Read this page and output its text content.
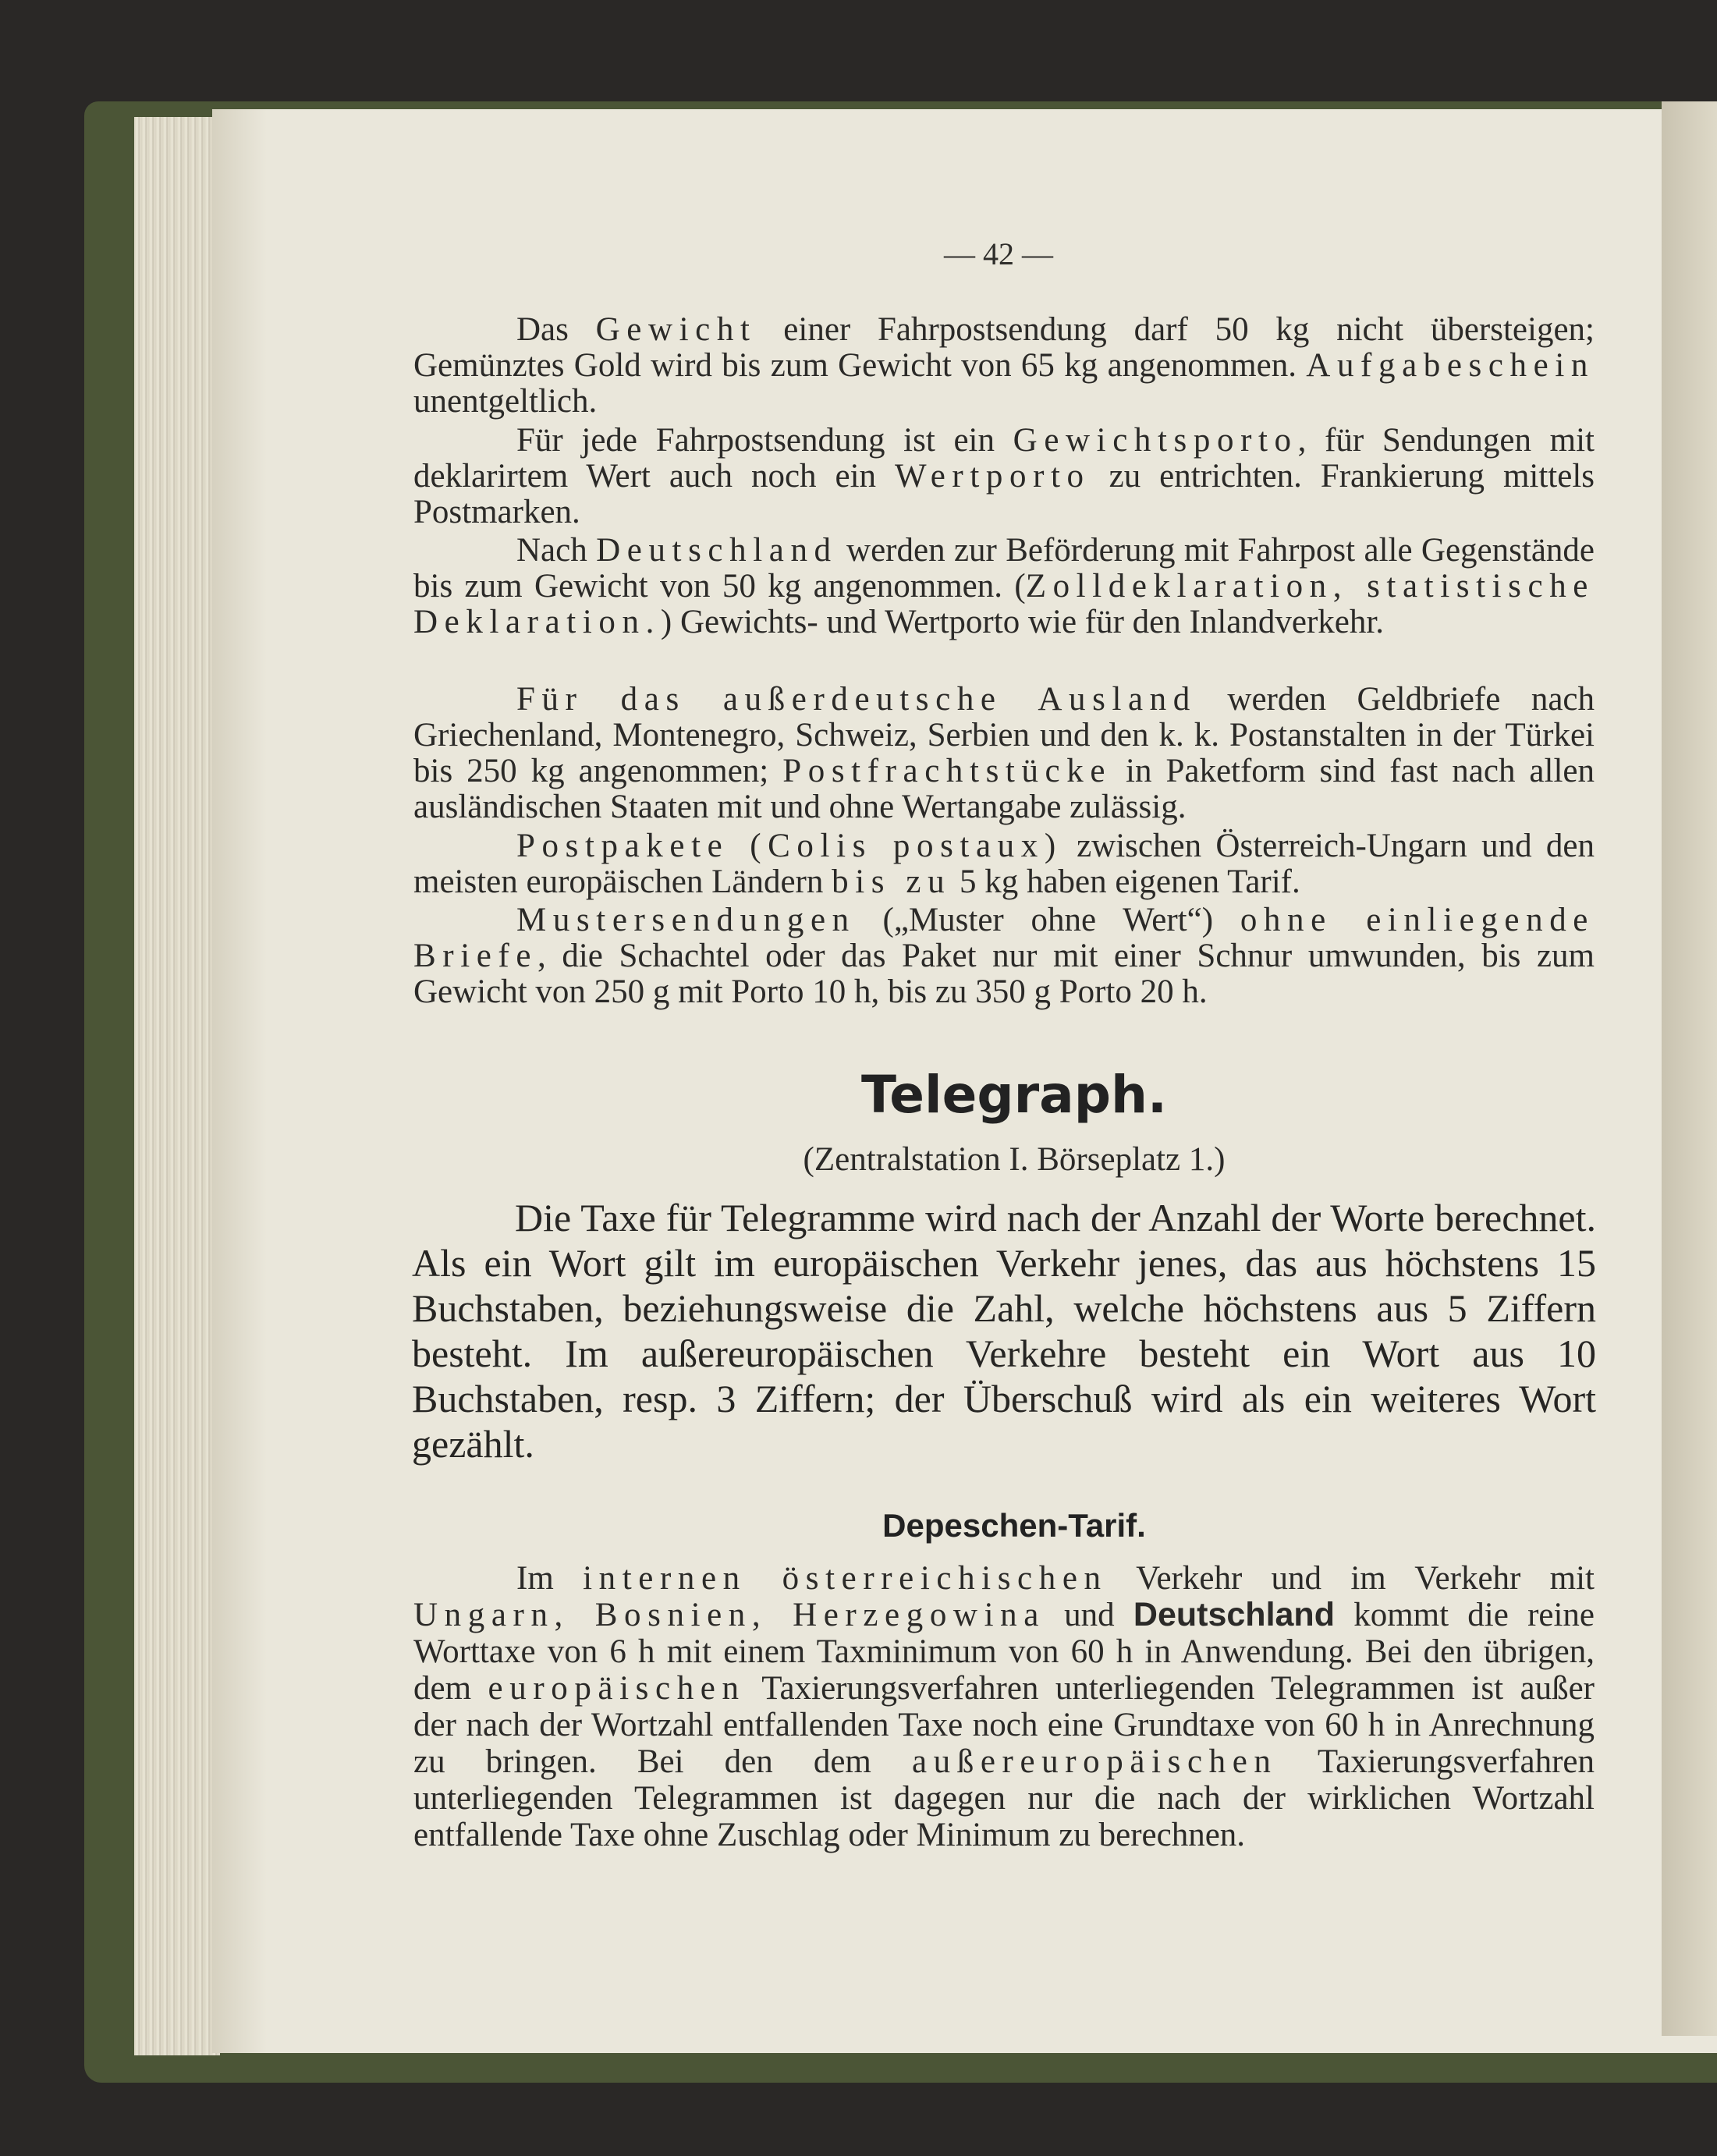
— 42 —

Das Gewicht einer Fahrpostsendung darf 50 kg nicht übersteigen; Gemünztes Gold wird bis zum Gewicht von 65 kg angenommen. Aufgabeschein unentgeltlich.

Für jede Fahrpostsendung ist ein Gewichtsporto, für Sendungen mit deklarirtem Wert auch noch ein Wertporto zu entrichten. Frankierung mittels Postmarken.

Nach Deutschland werden zur Beförderung mit Fahrpost alle Gegenstände bis zum Gewicht von 50 kg angenommen. (Zolldeklaration, statistische Deklaration.) Gewichts- und Wertporto wie für den Inlandverkehr.

Für das außerdeutsche Ausland werden Geldbriefe nach Griechenland, Montenegro, Schweiz, Serbien und den k. k. Postanstalten in der Türkei bis 250 kg angenommen; Postfrachtstücke in Paketform sind fast nach allen ausländischen Staaten mit und ohne Wertangabe zulässig.

Postpakete (Colis postaux) zwischen Österreich-Ungarn und den meisten europäischen Ländern bis zu 5 kg haben eigenen Tarif.

Mustersendungen („Muster ohne Wert“) ohne einliegende Briefe, die Schachtel oder das Paket nur mit einer Schnur umwunden, bis zum Gewicht von 250 g mit Porto 10 h, bis zu 350 g Porto 20 h.

Telegraph.
(Zentralstation I. Börseplatz 1.)

Die Taxe für Telegramme wird nach der Anzahl der Worte berechnet. Als ein Wort gilt im europäischen Verkehr jenes, das aus höchstens 15 Buchstaben, beziehungsweise die Zahl, welche höchstens aus 5 Ziffern besteht. Im außereuropäischen Verkehre besteht ein Wort aus 10 Buchstaben, resp. 3 Ziffern; der Überschuß wird als ein weiteres Wort gezählt.

Depeschen-Tarif.

Im internen österreichischen Verkehr und im Verkehr mit Ungarn, Bosnien, Herzegowina und Deutschland kommt die reine Worttaxe von 6 h mit einem Taxminimum von 60 h in Anwendung. Bei den übrigen, dem europäischen Taxierungsverfahren unterliegenden Telegrammen ist außer der nach der Wortzahl entfallenden Taxe noch eine Grundtaxe von 60 h in Anrechnung zu bringen. Bei den dem außereuropäischen Taxierungsverfahren unterliegenden Telegrammen ist dagegen nur die nach der wirklichen Wortzahl entfallende Taxe ohne Zuschlag oder Minimum zu berechnen.
